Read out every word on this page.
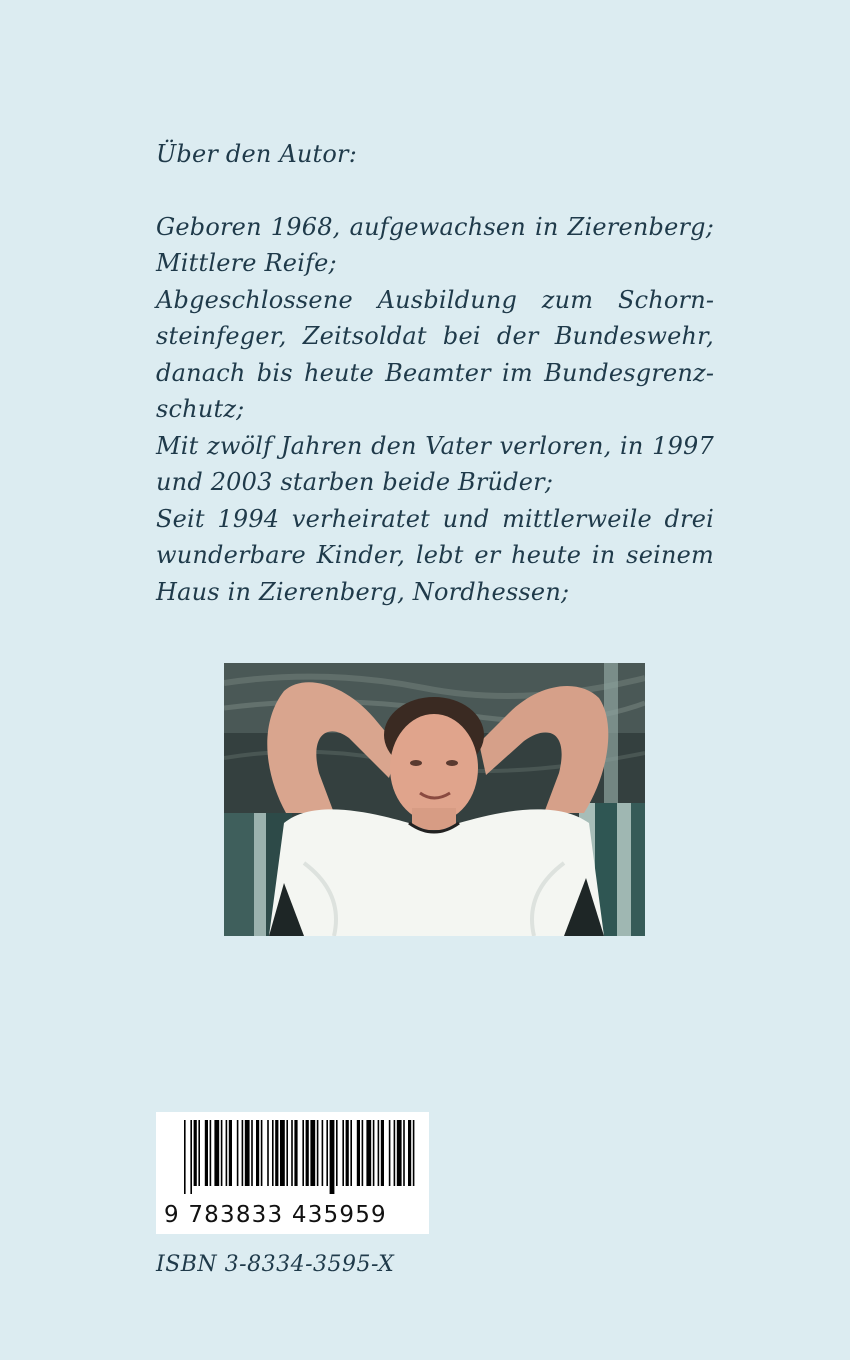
Über den Autor:

Geboren 1968, aufgewachsen in Zierenberg; Mittlere Reife;

Abgeschlossene Ausbildung zum Schornsteinfeger, Zeitsoldat bei der Bundeswehr, danach bis heute Beamter im Bundesgrenzschutz;

Mit zwölf Jahren den Vater verloren, in 1997 und 2003 starben beide Brüder;

Seit 1994 verheiratet und mittlerweile drei wunderbare Kinder, lebt er heute in seinem Haus in Zierenberg, Nordhessen;

9 783833 435959
ISBN 3-8334-3595-X
